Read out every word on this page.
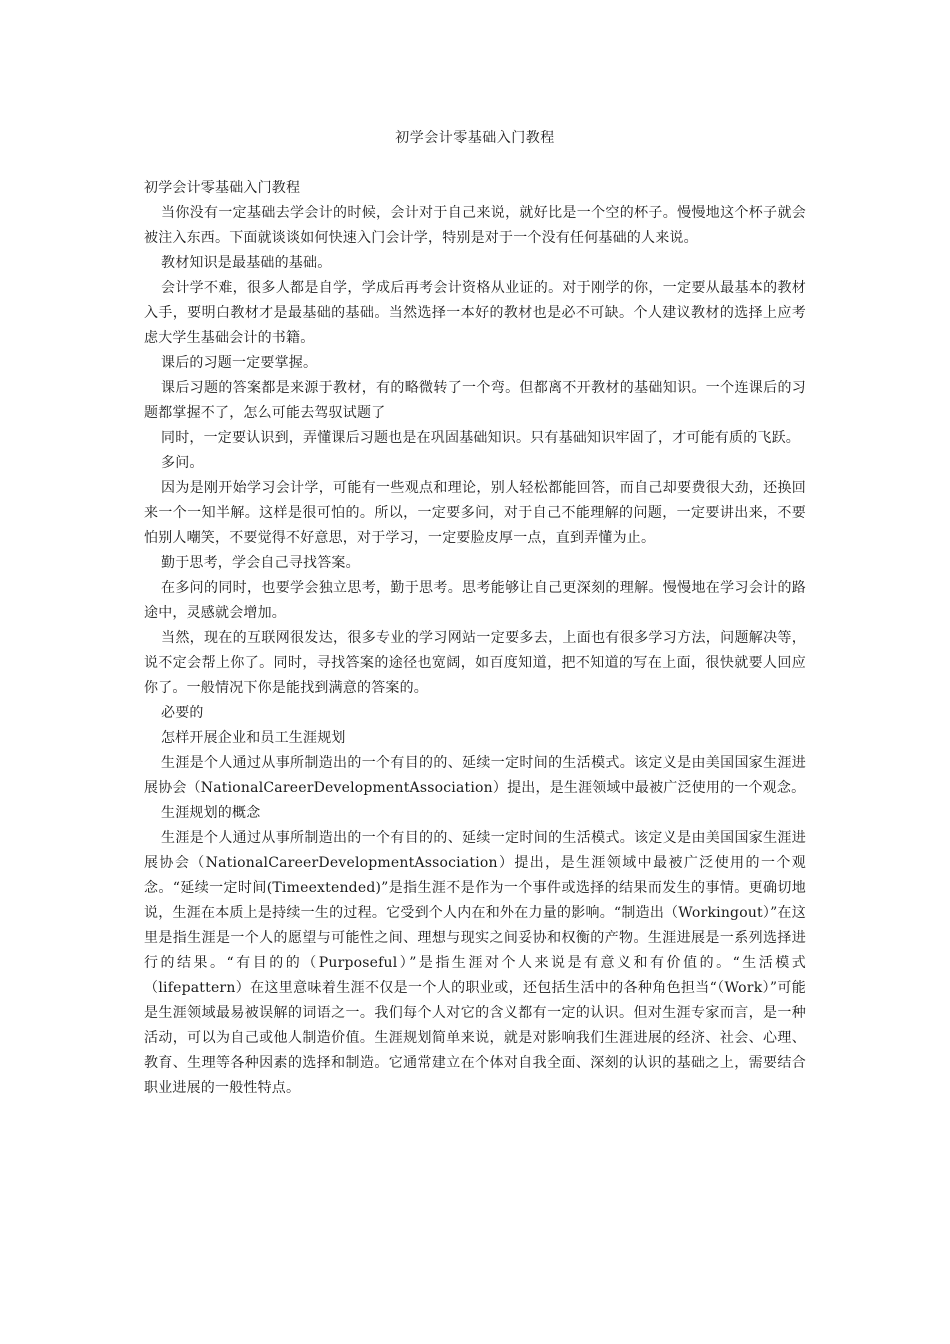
初学会计零基础入门教程

初学会计零基础入门教程

当你没有一定基础去学会计的时候，会计对于自己来说，就好比是一个空的杯子。慢慢地这个杯子就会被注入东西。下面就谈谈如何快速入门会计学，特别是对于一个没有任何基础的人来说。

教材知识是最基础的基础。

会计学不难，很多人都是自学，学成后再考会计资格从业证的。对于刚学的你，一定要从最基本的教材入手，要明白教材才是最基础的基础。当然选择一本好的教材也是必不可缺。个人建议教材的选择上应考虑大学生基础会计的书籍。

课后的习题一定要掌握。

课后习题的答案都是来源于教材，有的略微转了一个弯。但都离不开教材的基础知识。一个连课后的习题都掌握不了，怎么可能去驾驭试题了

同时，一定要认识到，弄懂课后习题也是在巩固基础知识。只有基础知识牢固了，才可能有质的飞跃。

多问。

因为是刚开始学习会计学，可能有一些观点和理论，别人轻松都能回答，而自己却要费很大劲，还换回来一个一知半解。这样是很可怕的。所以，一定要多问，对于自己不能理解的问题，一定要讲出来，不要怕别人嘲笑，不要觉得不好意思，对于学习，一定要脸皮厚一点，直到弄懂为止。

勤于思考，学会自己寻找答案。

在多问的同时，也要学会独立思考，勤于思考。思考能够让自己更深刻的理解。慢慢地在学习会计的路途中，灵感就会增加。

当然，现在的互联网很发达，很多专业的学习网站一定要多去，上面也有很多学习方法，问题解决等，说不定会帮上你了。同时，寻找答案的途径也宽阔，如百度知道，把不知道的写在上面，很快就要人回应你了。一般情况下你是能找到满意的答案的。

必要的

怎样开展企业和员工生涯规划

生涯是个人通过从事所制造出的一个有目的的、延续一定时间的生活模式。该定义是由美国国家生涯进展协会（NationalCareerDevelopmentAssociation）提出，是生涯领域中最被广泛使用的一个观念。

生涯规划的概念

生涯是个人通过从事所制造出的一个有目的的、延续一定时间的生活模式。该定义是由美国国家生涯进展协会（NationalCareerDevelopmentAssociation）提出，是生涯领域中最被广泛使用的一个观念。“延续一定时间(Timeextended)”是指生涯不是作为一个事件或选择的结果而发生的事情。更确切地说，生涯在本质上是持续一生的过程。它受到个人内在和外在力量的影响。“制造出（Workingout）”在这里是指生涯是一个人的愿望与可能性之间、理想与现实之间妥协和权衡的产物。生涯进展是一系列选择进行的结果。“有目的的（Purposeful）”是指生涯对个人来说是有意义和有价值的。“生活模式（lifepattern）在这里意味着生涯不仅是一个人的职业或，还包括生活中的各种角色担当“（Work）”可能是生涯领域最易被误解的词语之一。我们每个人对它的含义都有一定的认识。但对生涯专家而言，是一种活动，可以为自己或他人制造价值。生涯规划简单来说，就是对影响我们生涯进展的经济、社会、心理、教育、生理等各种因素的选择和制造。它通常建立在个体对自我全面、深刻的认识的基础之上，需要结合职业进展的一般性特点。
